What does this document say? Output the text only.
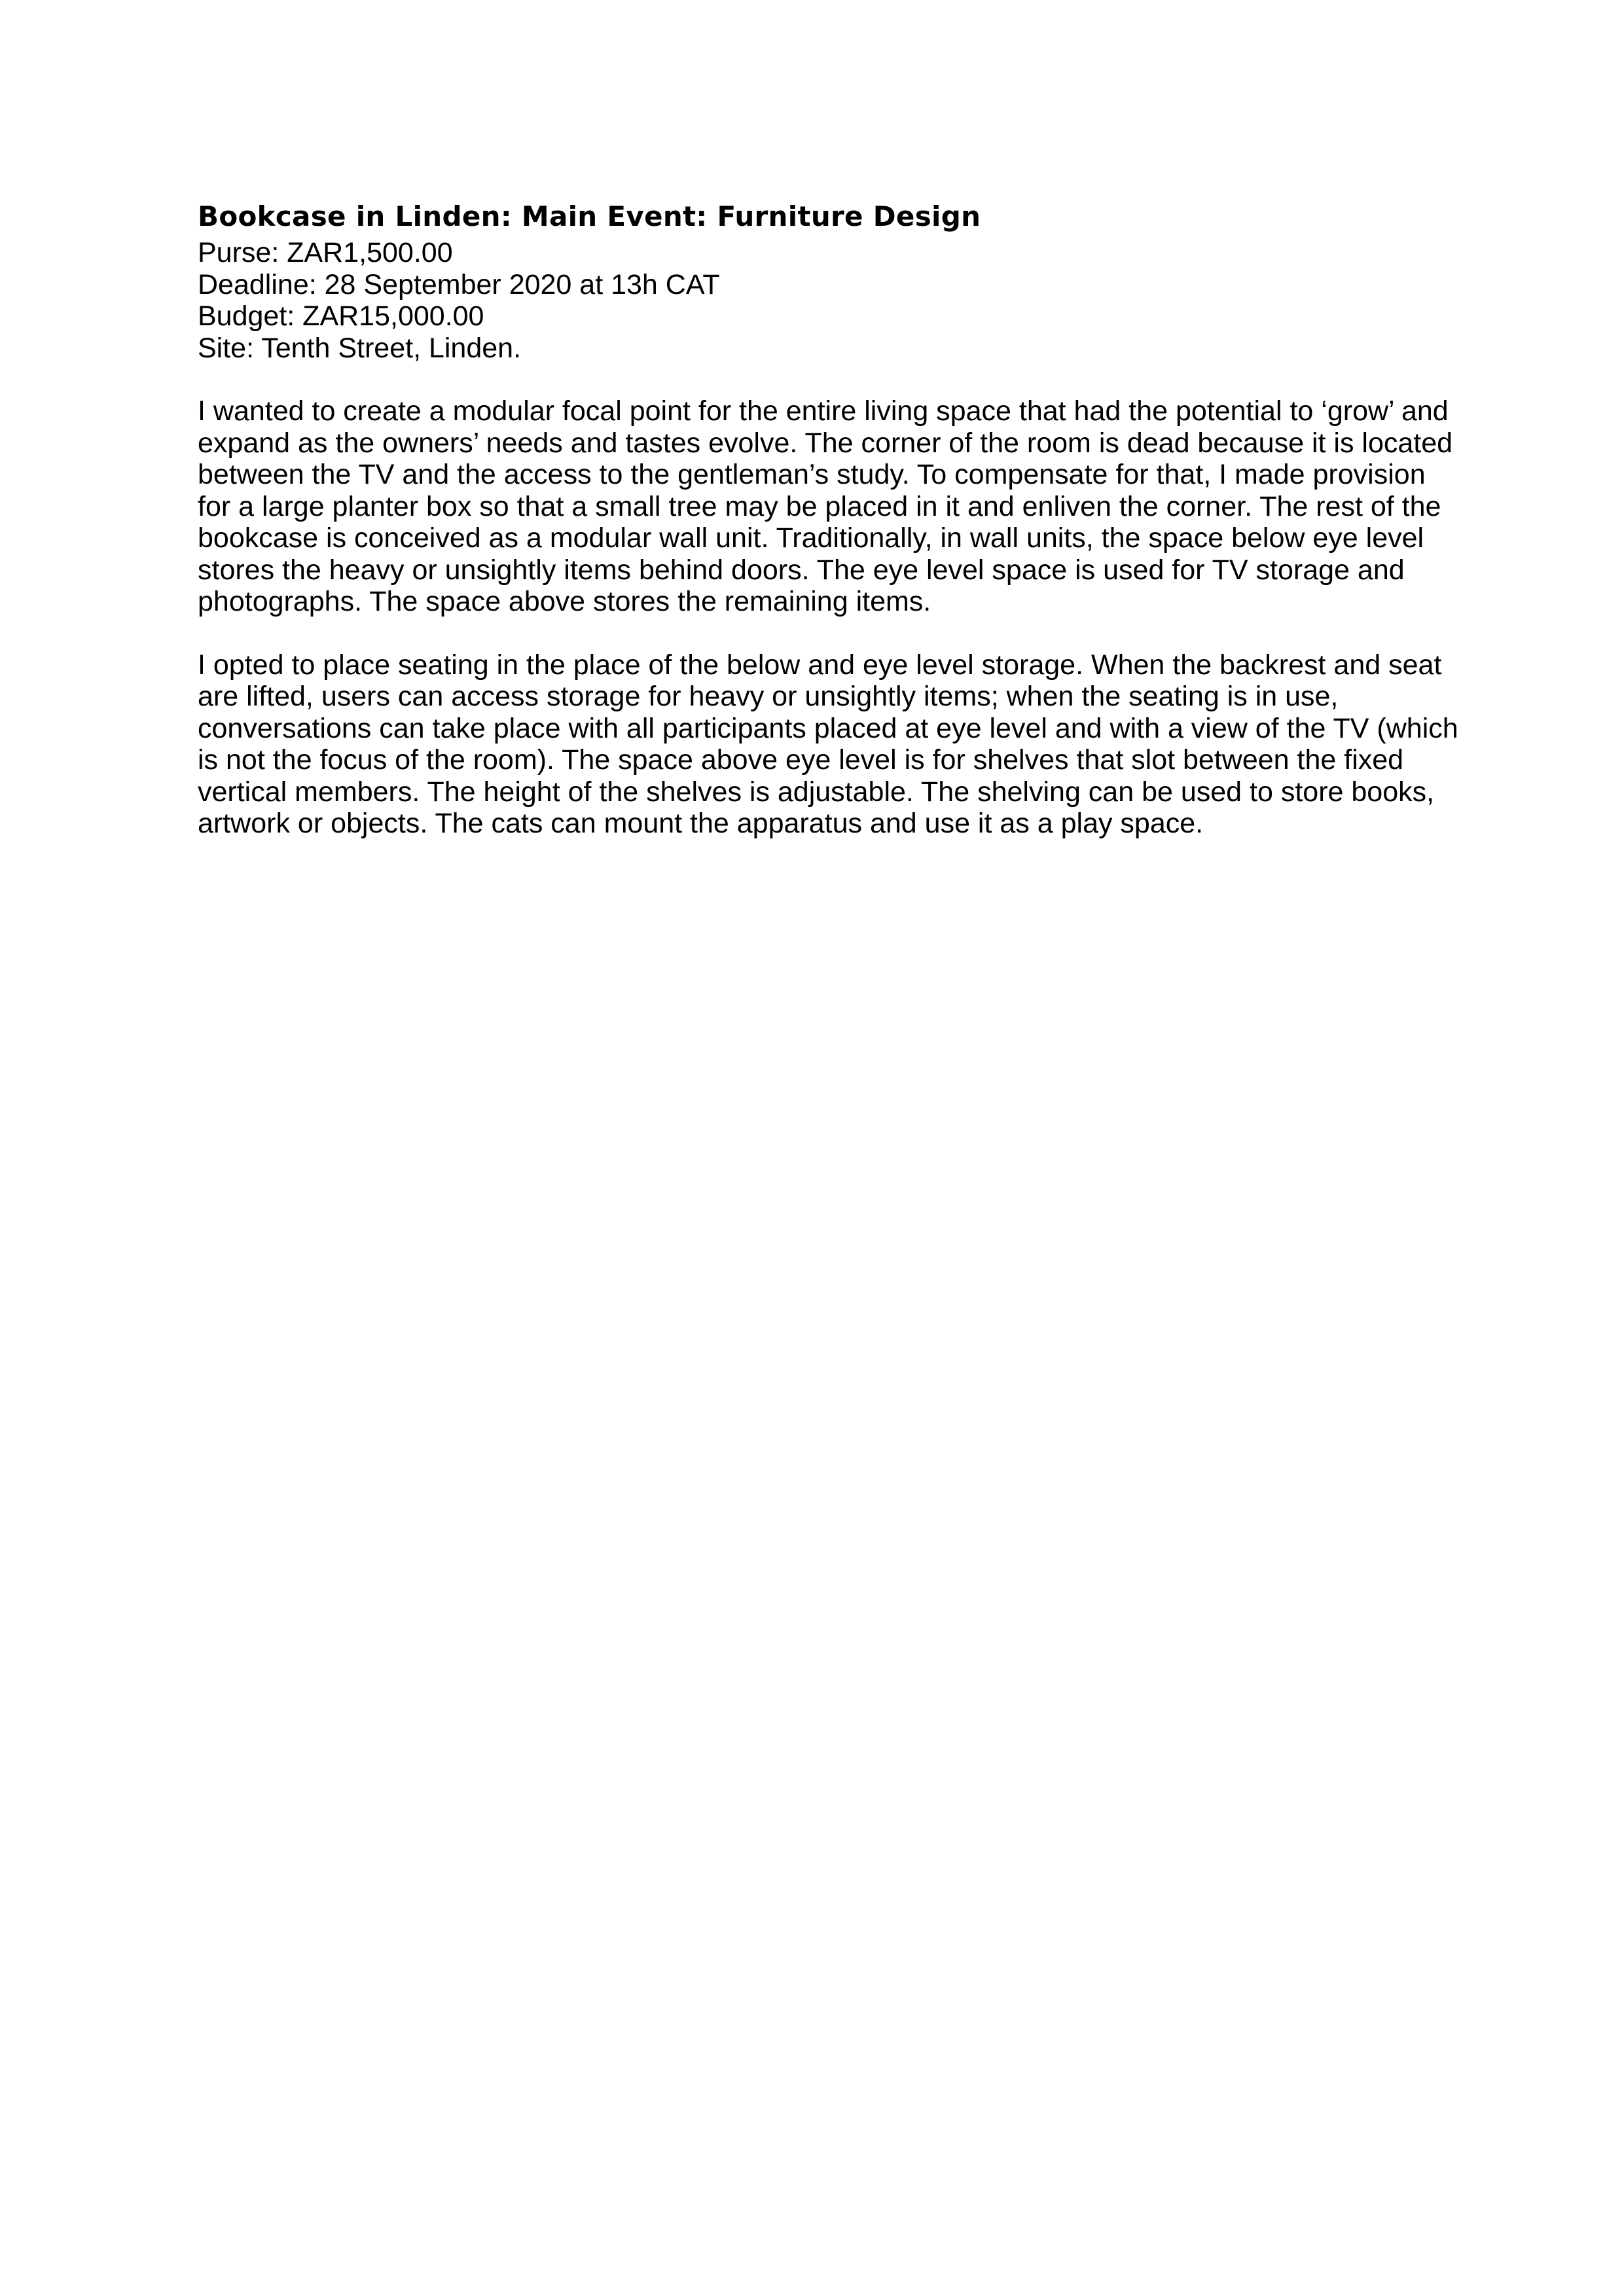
Bookcase in Linden: Main Event: Furniture Design

Purse: ZAR1,500.00

Deadline: 28 September 2020 at 13h CAT

Budget: ZAR15,000.00

Site: Tenth Street, Linden.

I wanted to create a modular focal point for the entire living space that had the potential to ‘grow’ and
expand as the owners’ needs and tastes evolve. The corner of the room is dead because it is located
between the TV and the access to the gentleman’s study. To compensate for that, I made provision
for a large planter box so that a small tree may be placed in it and enliven the corner. The rest of the
bookcase is conceived as a modular wall unit. Traditionally, in wall units, the space below eye level
stores the heavy or unsightly items behind doors. The eye level space is used for TV storage and
photographs. The space above stores the remaining items.

I opted to place seating in the place of the below and eye level storage. When the backrest and seat
are lifted, users can access storage for heavy or unsightly items; when the seating is in use,
conversations can take place with all participants placed at eye level and with a view of the TV (which
is not the focus of the room). The space above eye level is for shelves that slot between the fixed
vertical members. The height of the shelves is adjustable. The shelving can be used to store books,
artwork or objects. The cats can mount the apparatus and use it as a play space.
